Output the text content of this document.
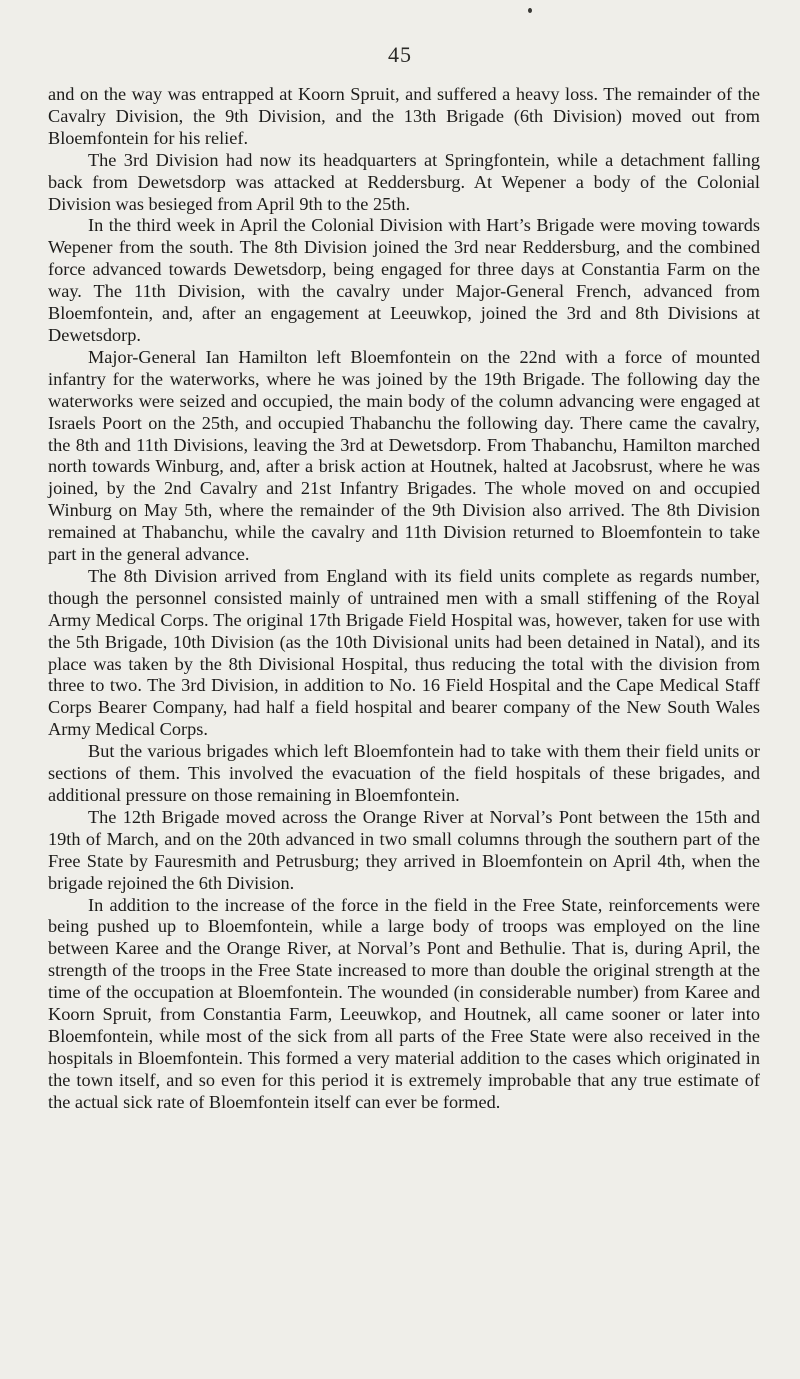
45

and on the way was entrapped at Koorn Spruit, and suffered a heavy loss. The remainder of the Cavalry Division, the 9th Division, and the 13th Brigade (6th Division) moved out from Bloemfontein for his relief.

The 3rd Division had now its headquarters at Springfontein, while a detachment falling back from Dewetsdorp was attacked at Reddersburg. At Wepener a body of the Colonial Division was besieged from April 9th to the 25th.

In the third week in April the Colonial Division with Hart’s Brigade were moving towards Wepener from the south. The 8th Division joined the 3rd near Reddersburg, and the combined force advanced towards Dewetsdorp, being engaged for three days at Constantia Farm on the way. The 11th Division, with the cavalry under Major-General French, advanced from Bloemfontein, and, after an engagement at Leeuwkop, joined the 3rd and 8th Divisions at Dewetsdorp.

Major-General Ian Hamilton left Bloemfontein on the 22nd with a force of mounted infantry for the waterworks, where he was joined by the 19th Brigade. The following day the waterworks were seized and occupied, the main body of the column advancing were engaged at Israels Poort on the 25th, and occupied Thabanchu the following day. There came the cavalry, the 8th and 11th Divisions, leaving the 3rd at Dewetsdorp. From Thabanchu, Hamilton marched north towards Winburg, and, after a brisk action at Houtnek, halted at Jacobsrust, where he was joined, by the 2nd Cavalry and 21st Infantry Brigades. The whole moved on and occupied Winburg on May 5th, where the remainder of the 9th Division also arrived. The 8th Division remained at Thabanchu, while the cavalry and 11th Division returned to Bloemfontein to take part in the general advance.

The 8th Division arrived from England with its field units complete as regards number, though the personnel consisted mainly of untrained men with a small stiffening of the Royal Army Medical Corps. The original 17th Brigade Field Hospital was, however, taken for use with the 5th Brigade, 10th Division (as the 10th Divisional units had been detained in Natal), and its place was taken by the 8th Divisional Hospital, thus reducing the total with the division from three to two. The 3rd Division, in addition to No. 16 Field Hospital and the Cape Medical Staff Corps Bearer Company, had half a field hospital and bearer company of the New South Wales Army Medical Corps.

But the various brigades which left Bloemfontein had to take with them their field units or sections of them. This involved the evacuation of the field hospitals of these brigades, and additional pressure on those remaining in Bloemfontein.

The 12th Brigade moved across the Orange River at Norval’s Pont between the 15th and 19th of March, and on the 20th advanced in two small columns through the southern part of the Free State by Fauresmith and Petrusburg; they arrived in Bloemfontein on April 4th, when the brigade rejoined the 6th Division.

In addition to the increase of the force in the field in the Free State, reinforcements were being pushed up to Bloemfontein, while a large body of troops was employed on the line between Karee and the Orange River, at Norval’s Pont and Bethulie. That is, during April, the strength of the troops in the Free State increased to more than double the original strength at the time of the occupation at Bloemfontein. The wounded (in considerable number) from Karee and Koorn Spruit, from Constantia Farm, Leeuwkop, and Houtnek, all came sooner or later into Bloemfontein, while most of the sick from all parts of the Free State were also received in the hospitals in Bloemfontein. This formed a very material addition to the cases which originated in the town itself, and so even for this period it is extremely improbable that any true estimate of the actual sick rate of Bloemfontein itself can ever be formed.
